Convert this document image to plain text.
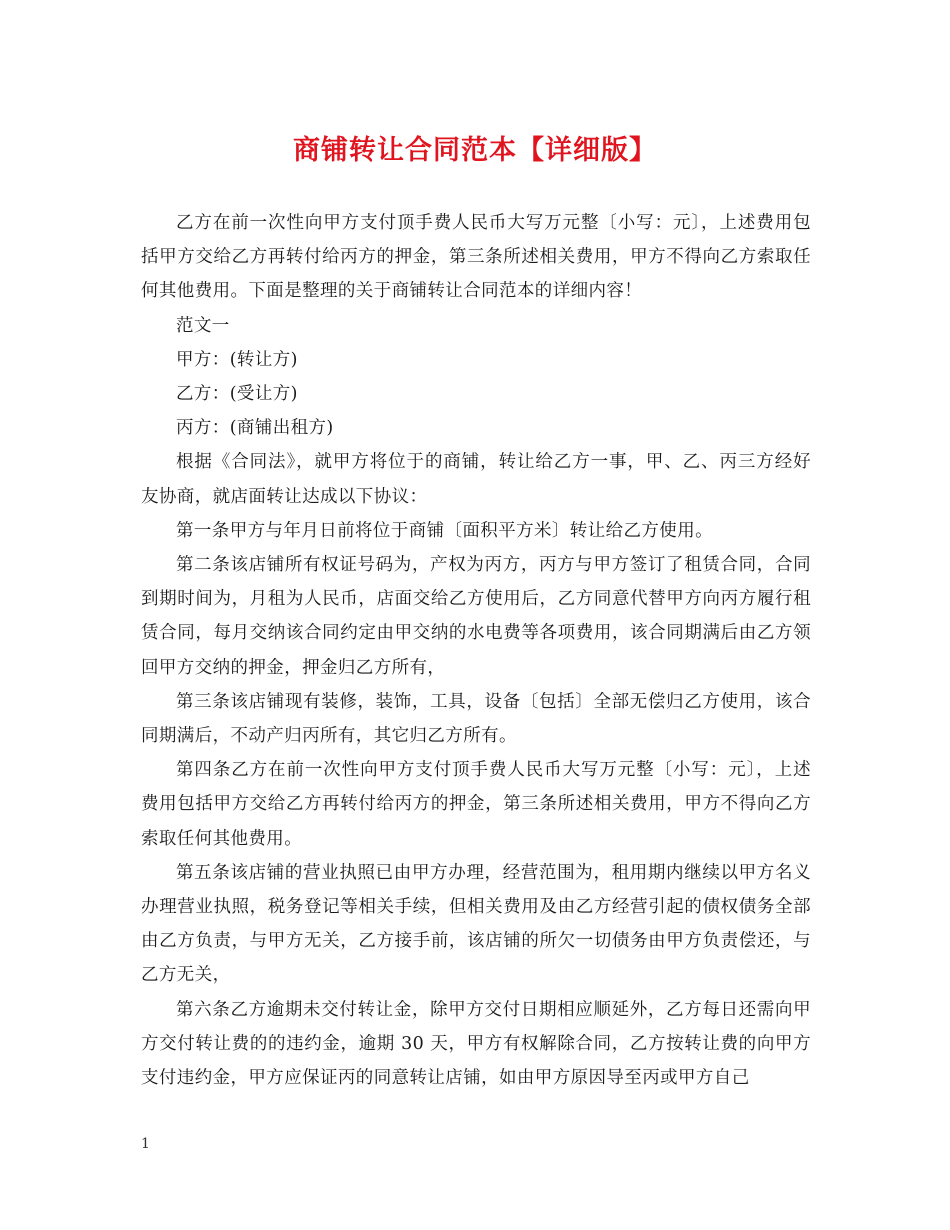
商铺转让合同范本【详细版】

乙方在前一次性向甲方支付顶手费人民币大写万元整〔小写：元〕，上述费用包括甲方交给乙方再转付给丙方的押金，第三条所述相关费用，甲方不得向乙方索取任何其他费用。下面是整理的关于商铺转让合同范本的详细内容！

范文一

甲方：(转让方)

乙方：(受让方)

丙方：(商铺出租方)

根据《合同法》，就甲方将位于的商铺，转让给乙方一事，甲、乙、丙三方经好友协商，就店面转让达成以下协议：

第一条甲方与年月日前将位于商铺〔面积平方米〕转让给乙方使用。

第二条该店铺所有权证号码为，产权为丙方，丙方与甲方签订了租赁合同，合同到期时间为，月租为人民币，店面交给乙方使用后，乙方同意代替甲方向丙方履行租赁合同，每月交纳该合同约定由甲交纳的水电费等各项费用，该合同期满后由乙方领回甲方交纳的押金，押金归乙方所有，

第三条该店铺现有装修，装饰，工具，设备〔包括〕全部无偿归乙方使用，该合同期满后，不动产归丙所有，其它归乙方所有。

第四条乙方在前一次性向甲方支付顶手费人民币大写万元整〔小写：元〕，上述费用包括甲方交给乙方再转付给丙方的押金，第三条所述相关费用，甲方不得向乙方索取任何其他费用。

第五条该店铺的营业执照已由甲方办理，经营范围为，租用期内继续以甲方名义办理营业执照，税务登记等相关手续，但相关费用及由乙方经营引起的债权债务全部由乙方负责，与甲方无关，乙方接手前，该店铺的所欠一切债务由甲方负责偿还，与乙方无关，

第六条乙方逾期未交付转让金，除甲方交付日期相应顺延外，乙方每日还需向甲方交付转让费的的违约金，逾期 30 天，甲方有权解除合同，乙方按转让费的向甲方支付违约金，甲方应保证丙的同意转让店铺，如由甲方原因导至丙或甲方自己

1
